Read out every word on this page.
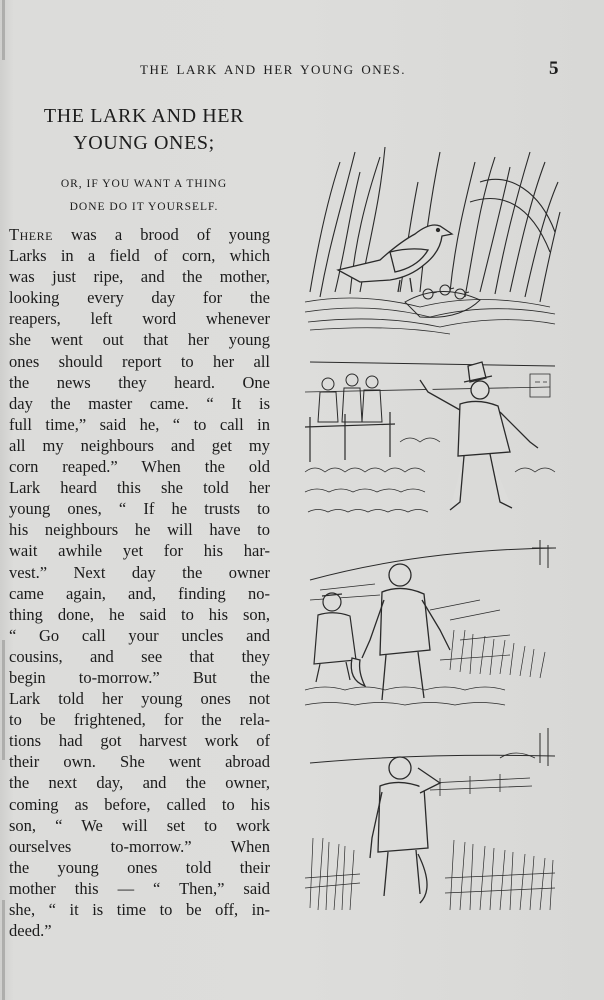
THE LARK AND HER YOUNG ONES.	5
THE LARK AND HER
YOUNG ONES;
OR, IF YOU WANT A THING
DONE DO IT YOURSELF.
There was a brood of young
Larks in a field of corn, which
was just ripe, and the mother,
looking every day for the
reapers, left word whenever
she went out that her young
ones should report to her all
the news they heard. One
day the master came. “ It is
full time,” said he, “ to call in
all my neighbours and get my
corn reaped.” When the old
Lark heard this she told her
young ones, “ If he trusts to
his neighbours he will have to
wait awhile yet for his har-
vest.” Next day the owner
came again, and, finding no-
thing done, he said to his son,
“ Go call your uncles and
cousins, and see that they
begin to-morrow.” But the
Lark told her young ones not
to be frightened, for the rela-
tions had got harvest work of
their own. She went abroad
the next day, and the owner,
coming as before, called to his
son, “ We will set to work
ourselves to-morrow.” When
the young ones told their
mother this — “ Then,” said
she, “ it is time to be off, in-
deed.”
